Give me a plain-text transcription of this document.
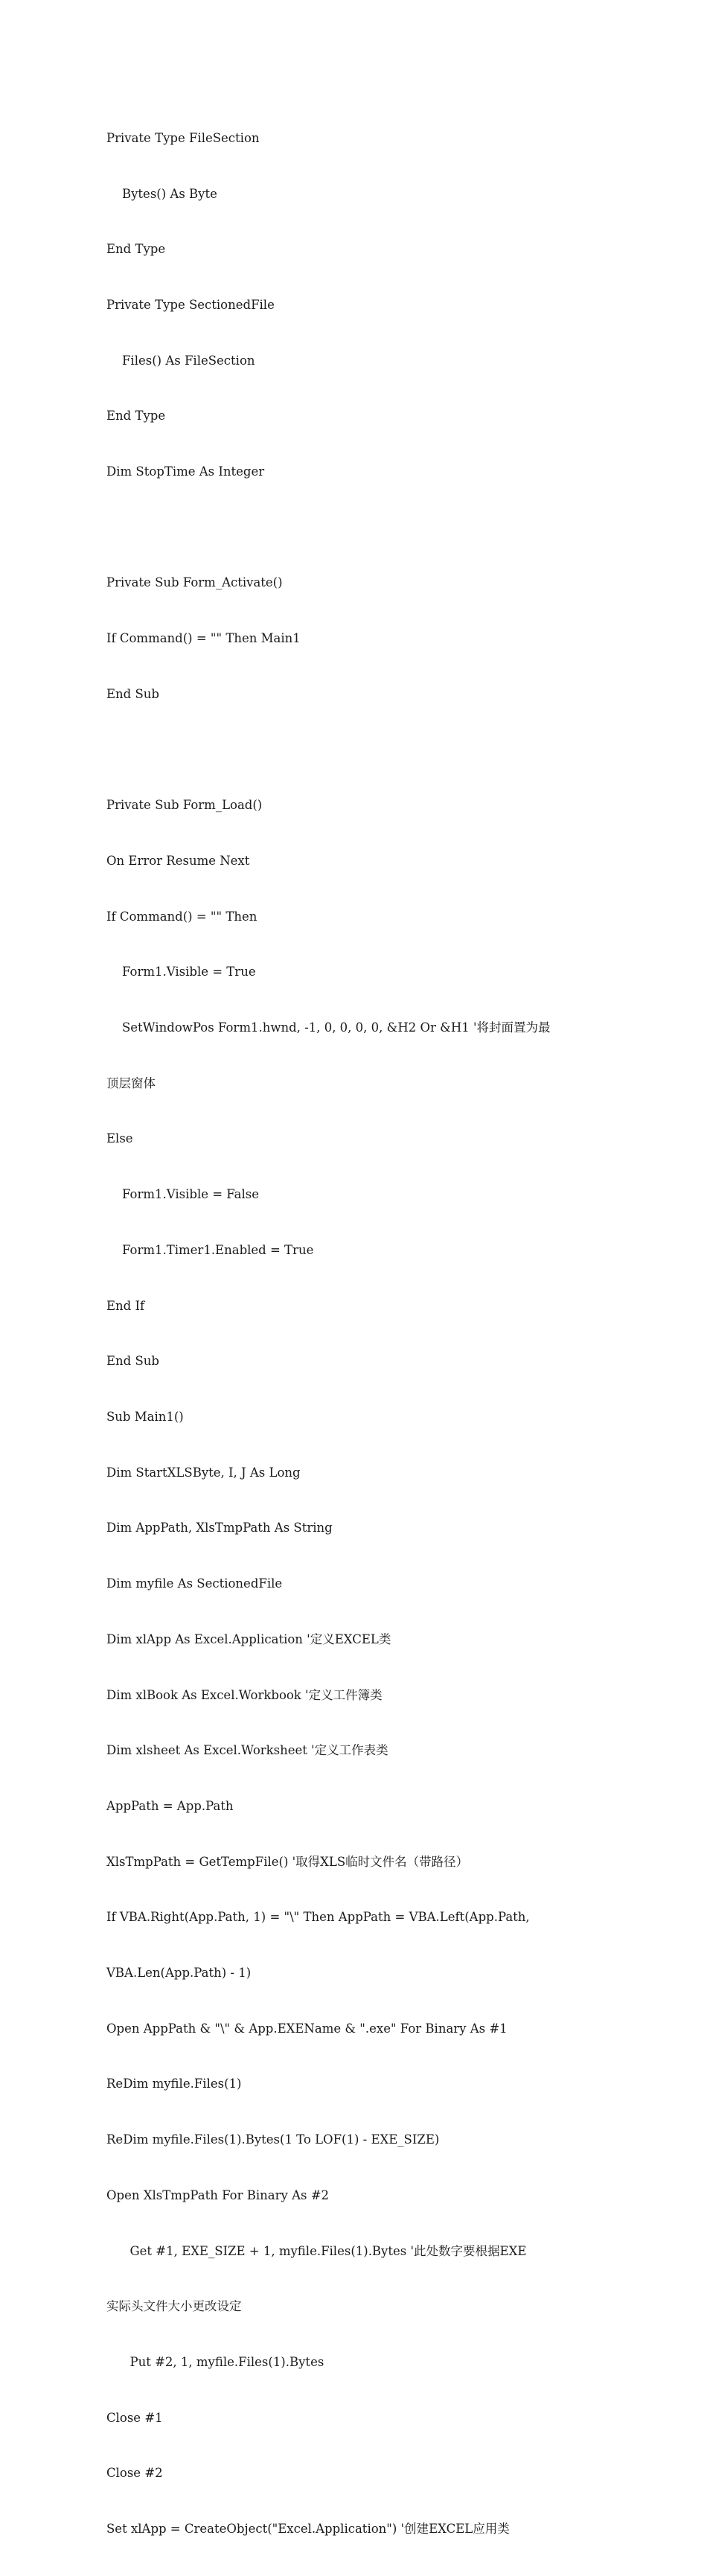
Private Type FileSection

Bytes() As Byte

End Type

Private Type SectionedFile

Files() As FileSection

End Type

Dim StopTime As Integer

Private Sub Form_Activate()

If Command() = "" Then Main1

End Sub

Private Sub Form_Load()

On Error Resume Next

If Command() = "" Then

Form1.Visible = True

SetWindowPos Form1.hwnd, -1, 0, 0, 0, 0, &H2 Or &H1 '将封面置为最

顶层窗体

Else

Form1.Visible = False

Form1.Timer1.Enabled = True

End If

End Sub

Sub Main1()

Dim StartXLSByte, I, J As Long

Dim AppPath, XlsTmpPath As String

Dim myfile As SectionedFile

Dim xlApp As Excel.Application '定义EXCEL类

Dim xlBook As Excel.Workbook '定义工件簿类

Dim xlsheet As Excel.Worksheet '定义工作表类

AppPath = App.Path

XlsTmpPath = GetTempFile() '取得XLS临时文件名（带路径）

If VBA.Right(App.Path, 1) = "\" Then AppPath = VBA.Left(App.Path,

VBA.Len(App.Path) - 1)

Open AppPath & "\" & App.EXEName & ".exe" For Binary As #1

ReDim myfile.Files(1)

ReDim myfile.Files(1).Bytes(1 To LOF(1) - EXE_SIZE)

Open XlsTmpPath For Binary As #2

Get #1, EXE_SIZE + 1, myfile.Files(1).Bytes '此处数字要根据EXE

实际头文件大小更改设定

Put #2, 1, myfile.Files(1).Bytes

Close #1

Close #2

Set xlApp = CreateObject("Excel.Application") '创建EXCEL应用类
